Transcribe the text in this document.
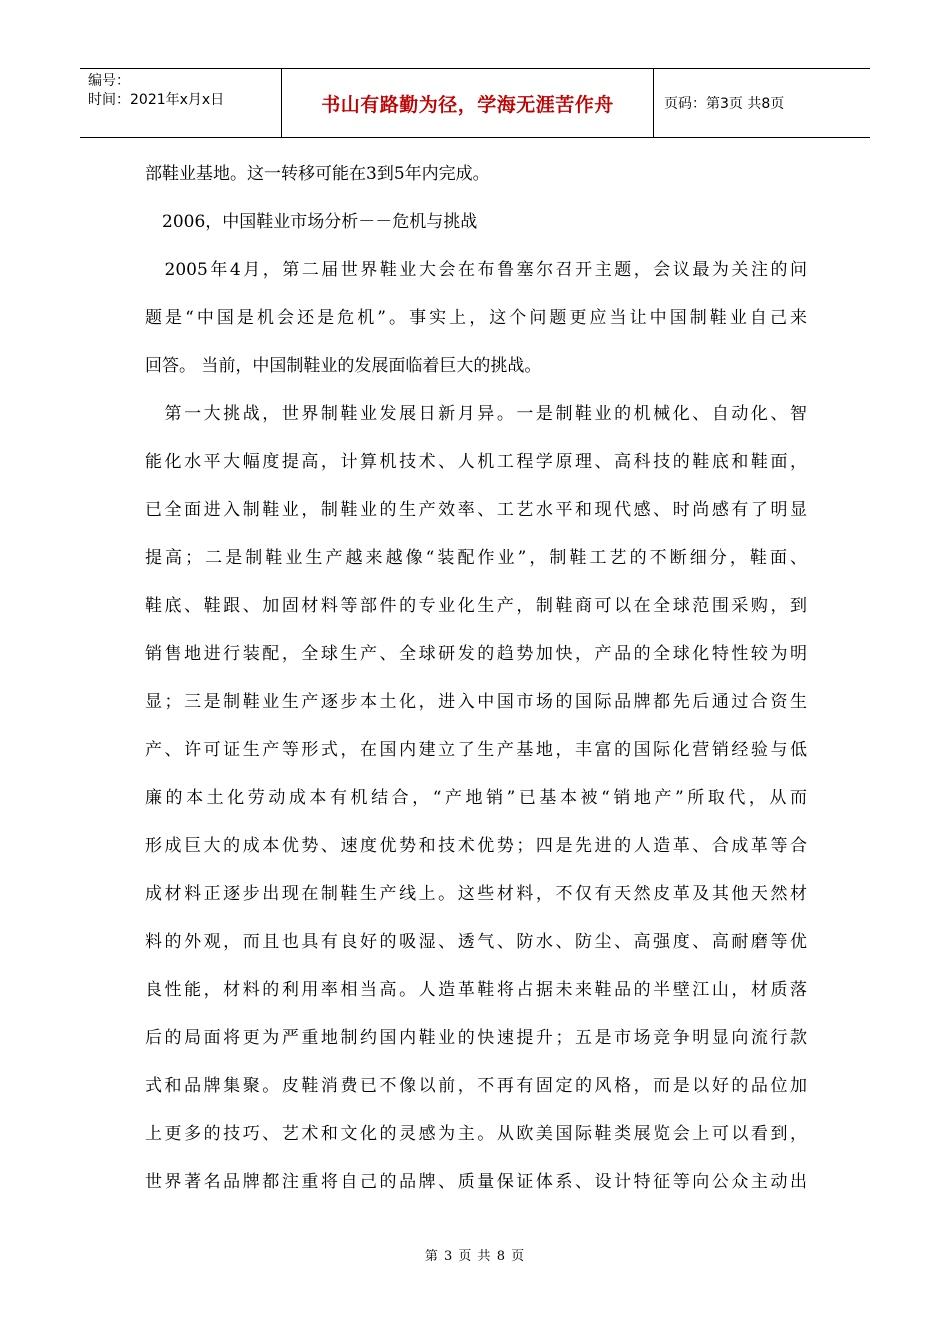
编号：
时间：2021年x月x日	书山有路勤为径，学海无涯苦作舟	页码：第3页 共8页
部鞋业基地。这一转移可能在3到5年内完成。
　2006，中国鞋业市场分析－－危机与挑战
　2005年4月，第二届世界鞋业大会在布鲁塞尔召开主题，会议最为关注的问
题是“中国是机会还是危机”。事实上，这个问题更应当让中国制鞋业自己来
回答。 当前，中国制鞋业的发展面临着巨大的挑战。
　第一大挑战，世界制鞋业发展日新月异。一是制鞋业的机械化、自动化、智
能化水平大幅度提高，计算机技术、人机工程学原理、高科技的鞋底和鞋面，
已全面进入制鞋业，制鞋业的生产效率、工艺水平和现代感、时尚感有了明显
提高；二是制鞋业生产越来越像“装配作业”，制鞋工艺的不断细分，鞋面、
鞋底、鞋跟、加固材料等部件的专业化生产，制鞋商可以在全球范围采购，到
销售地进行装配，全球生产、全球研发的趋势加快，产品的全球化特性较为明
显；三是制鞋业生产逐步本土化，进入中国市场的国际品牌都先后通过合资生
产、许可证生产等形式，在国内建立了生产基地，丰富的国际化营销经验与低
廉的本土化劳动成本有机结合，“产地销”已基本被“销地产”所取代，从而
形成巨大的成本优势、速度优势和技术优势；四是先进的人造革、合成革等合
成材料正逐步出现在制鞋生产线上。这些材料，不仅有天然皮革及其他天然材
料的外观，而且也具有良好的吸湿、透气、防水、防尘、高强度、高耐磨等优
良性能，材料的利用率相当高。人造革鞋将占据未来鞋品的半壁江山，材质落
后的局面将更为严重地制约国内鞋业的快速提升；五是市场竞争明显向流行款
式和品牌集聚。皮鞋消费已不像以前，不再有固定的风格，而是以好的品位加
上更多的技巧、艺术和文化的灵感为主。从欧美国际鞋类展览会上可以看到，
世界著名品牌都注重将自己的品牌、质量保证体系、设计特征等向公众主动出
第 3 页 共 8 页
